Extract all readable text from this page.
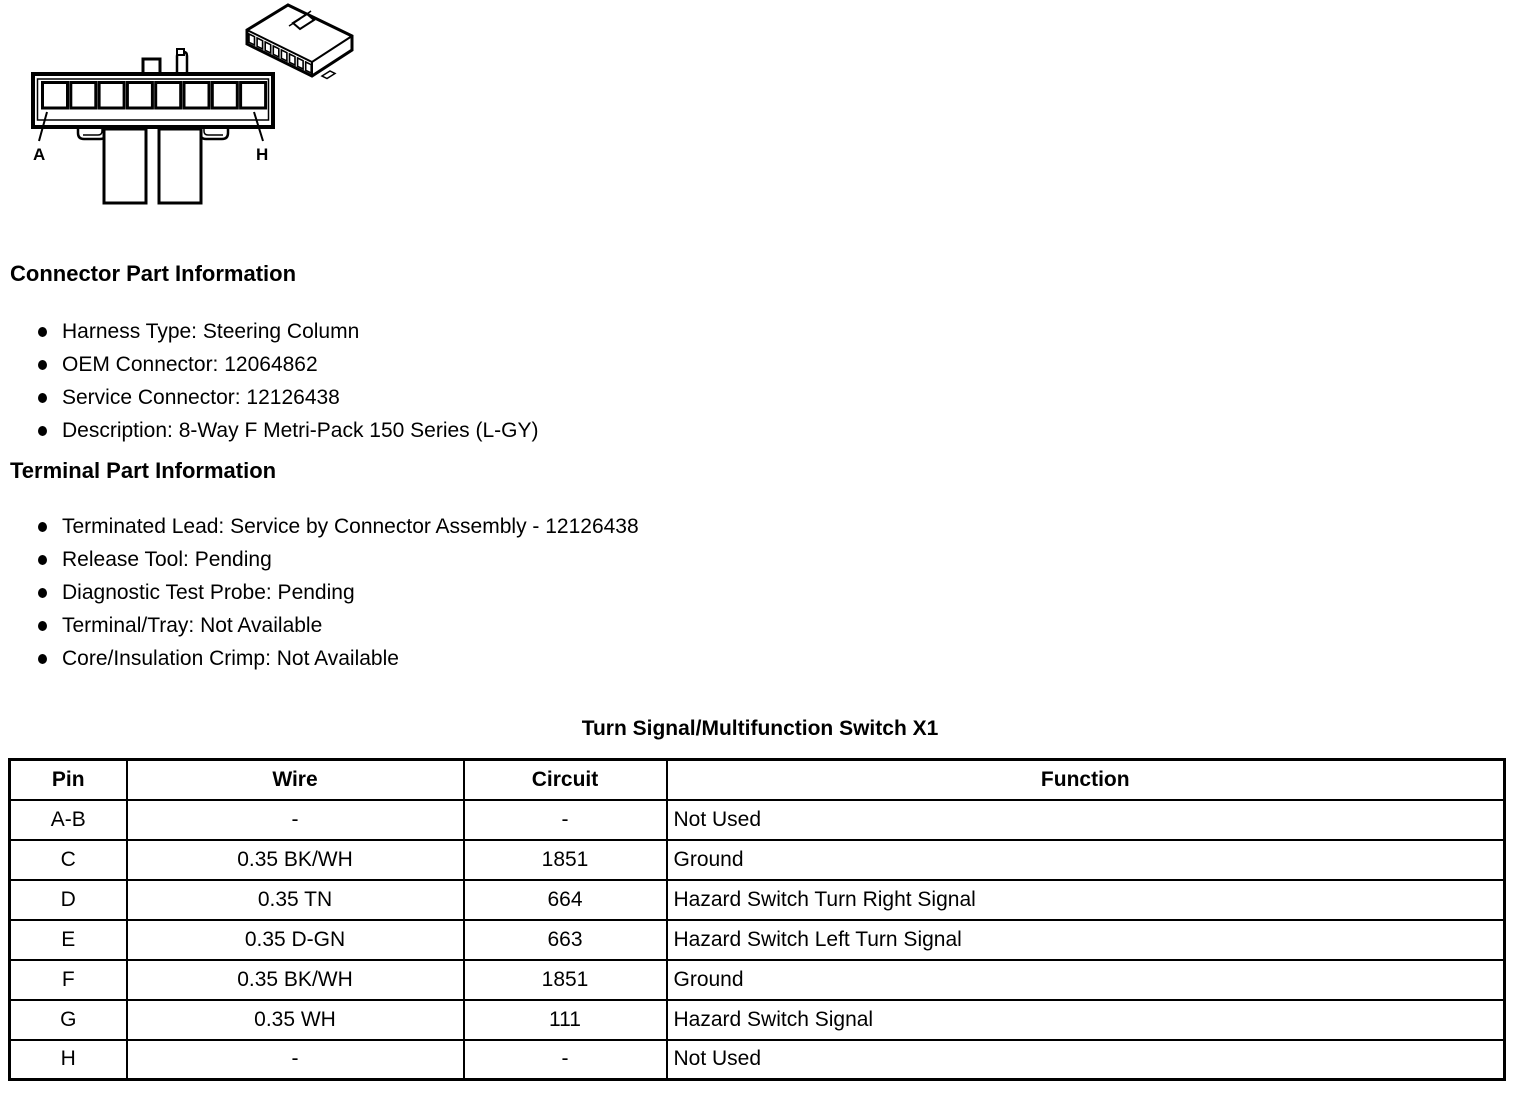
A	H
Connector Part Information
Harness Type: Steering Column
OEM Connector: 12064862
Service Connector: 12126438
Description: 8-Way F Metri-Pack 150 Series (L-GY)
Terminal Part Information
Terminated Lead: Service by Connector Assembly - 12126438
Release Tool: Pending
Diagnostic Test Probe: Pending
Terminal/Tray: Not Available
Core/Insulation Crimp: Not Available
Turn Signal/Multifunction Switch X1
Pin	Wire	Circuit	Function
A-B	-	-	Not Used
C	0.35 BK/WH	1851	Ground
D	0.35 TN	664	Hazard Switch Turn Right Signal
E	0.35 D-GN	663	Hazard Switch Left Turn Signal
F	0.35 BK/WH	1851	Ground
G	0.35 WH	111	Hazard Switch Signal
H	-	-	Not Used
